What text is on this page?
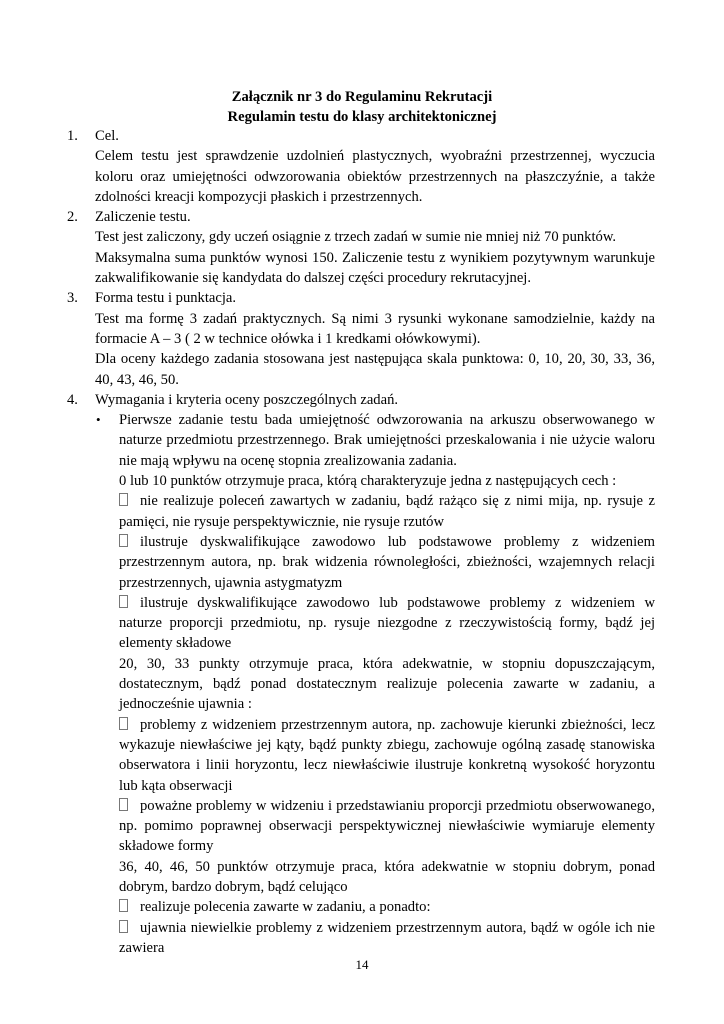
Załącznik nr 3 do Regulaminu Rekrutacji
Regulamin testu do klasy architektonicznej
1. Cel.
Celem testu jest sprawdzenie uzdolnień plastycznych, wyobraźni przestrzennej, wyczucia koloru oraz umiejętności odwzorowania obiektów przestrzennych na płaszczyźnie, a także zdolności kreacji kompozycji płaskich i przestrzennych.
2. Zaliczenie testu.
Test jest zaliczony, gdy uczeń osiągnie z trzech zadań w sumie nie mniej niż 70 punktów.
Maksymalna suma punktów wynosi 150. Zaliczenie testu z wynikiem pozytywnym warunkuje zakwalifikowanie się kandydata do dalszej części procedury rekrutacyjnej.
3. Forma testu i punktacja.
Test ma formę 3 zadań praktycznych. Są nimi 3 rysunki wykonane samodzielnie, każdy na formacie A – 3 ( 2 w technice ołówka i 1 kredkami ołówkowymi).
Dla oceny każdego zadania stosowana jest następująca skala punktowa: 0, 10, 20, 30, 33, 36, 40, 43, 46, 50.
4. Wymagania i kryteria oceny poszczególnych zadań.
• Pierwsze zadanie testu bada umiejętność odwzorowania na arkuszu obserwowanego w naturze przedmiotu przestrzennego. Brak umiejętności przeskalowania i nie użycie waloru nie mają wpływu na ocenę stopnia zrealizowania zadania.
0 lub 10 punktów otrzymuje praca, którą charakteryzuje jedna z następujących cech :
nie realizuje poleceń zawartych w zadaniu, bądź rażąco się z nimi mija, np. rysuje z pamięci, nie rysuje perspektywicznie, nie rysuje rzutów
ilustruje dyskwalifikujące zawodowo lub podstawowe problemy z widzeniem przestrzennym autora, np. brak widzenia równoległości, zbieżności, wzajemnych relacji przestrzennych, ujawnia astygmatyzm
ilustruje dyskwalifikujące zawodowo lub podstawowe problemy z widzeniem w naturze proporcji przedmiotu, np. rysuje niezgodne z rzeczywistością formy, bądź jej elementy składowe
20, 30, 33 punkty otrzymuje praca, która adekwatnie, w stopniu dopuszczającym, dostatecznym, bądź ponad dostatecznym realizuje polecenia zawarte w zadaniu, a jednocześnie ujawnia :
problemy z widzeniem przestrzennym autora, np. zachowuje kierunki zbieżności, lecz wykazuje niewłaściwe jej kąty, bądź punkty zbiegu, zachowuje ogólną zasadę stanowiska obserwatora i linii horyzontu, lecz niewłaściwie ilustruje konkretną wysokość horyzontu lub kąta obserwacji
poważne problemy w widzeniu i przedstawianiu proporcji przedmiotu obserwowanego, np. pomimo poprawnej obserwacji perspektywicznej niewłaściwie wymiaruje elementy składowe formy
36, 40, 46, 50 punktów otrzymuje praca, która adekwatnie w stopniu dobrym, ponad dobrym, bardzo dobrym, bądź celująco
realizuje polecenia zawarte w zadaniu, a ponadto:
ujawnia niewielkie problemy z widzeniem przestrzennym autora, bądź w ogóle ich nie zawiera
14
